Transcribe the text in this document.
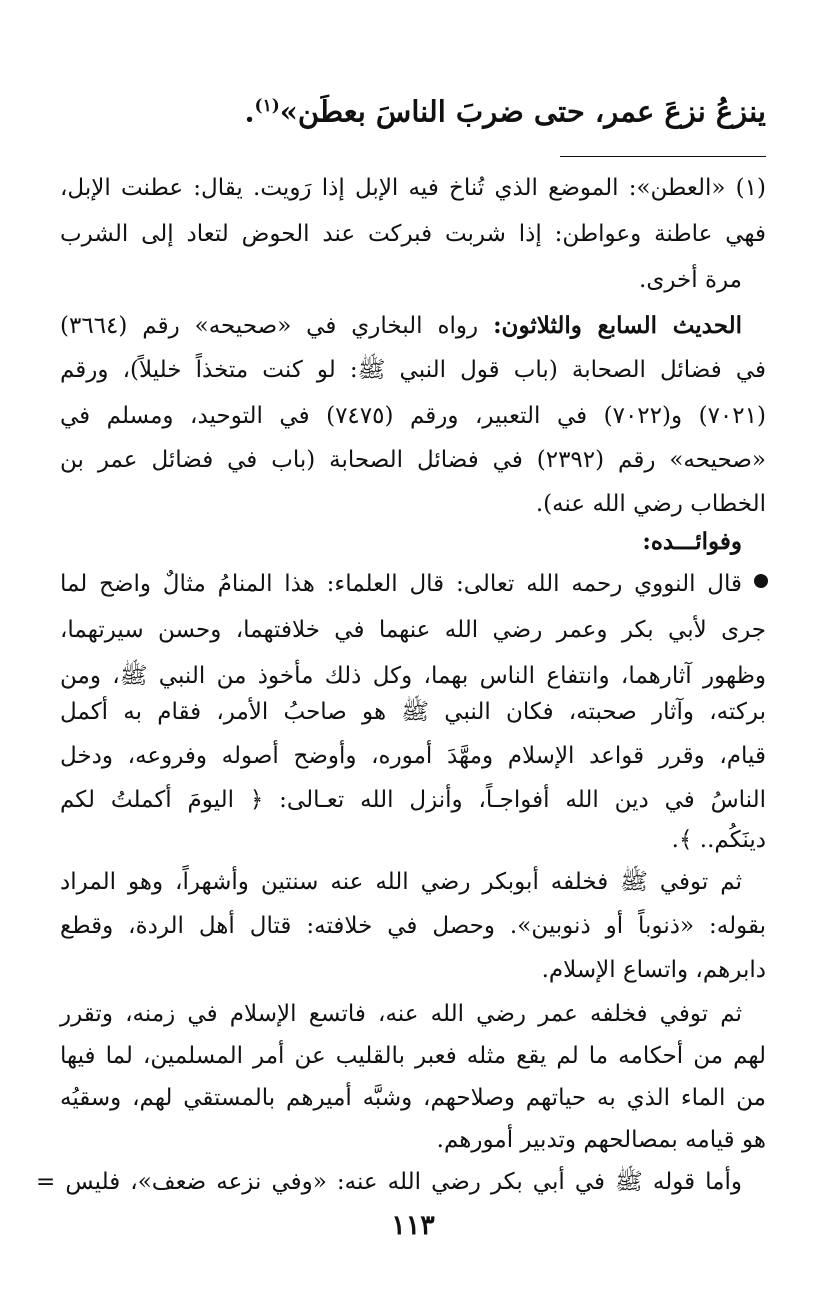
ينزعُ نزعَ عمر، حتى ضربَ الناسَ بعطَن»$^{(١)}$.
(١) «العطن»: الموضع الذي تُناخ فيه الإبل إذا رَويت. يقال: عطنت الإبل،
فهي عاطنة وعواطن: إذا شربت فبركت عند الحوض لتعاد إلى الشرب
مرة أخرى.
الحديث السابع والثلاثون: رواه البخاري في «صحيحه» رقم (٣٦٦٤)
في فضائل الصحابة (باب قول النبي ﷺ: لو كنت متخذاً خليلاً)، ورقم
(٧٠٢١) و(٧٠٢٢) في التعبير، ورقم (٧٤٧٥) في التوحيد، ومسلم في
«صحيحه» رقم (٢٣٩٢) في فضائل الصحابة (باب في فضائل عمر بن
الخطاب رضي الله عنه).
وفوائـــده:
قال النووي رحمه الله تعالى: قال العلماء: هذا المنامُ مثالٌ واضح لما
جرى لأبي بكر وعمر رضي الله عنهما في خلافتهما، وحسن سيرتهما،
وظهور آثارهما، وانتفاع الناس بهما، وكل ذلك مأخوذ من النبي ﷺ، ومن
بركته، وآثار صحبته، فكان النبي ﷺ هو صاحبُ الأمر، فقام به أكمل
قيام، وقرر قواعد الإسلام ومهَّدَ أموره، وأوضح أصوله وفروعه، ودخل
الناسُ في دين الله أفواجـاً، وأنزل الله تعـالى: ﴿ اليومَ أكملتُ لكم
دينَكُم.. ﴾.
ثم توفي ﷺ فخلفه أبوبكر رضي الله عنه سنتين وأشهراً، وهو المراد
بقوله: «ذنوباً أو ذنوبين». وحصل في خلافته: قتال أهل الردة، وقطع
دابرهم، واتساع الإسلام.
ثم توفي فخلفه عمر رضي الله عنه، فاتسع الإسلام في زمنه، وتقرر
لهم من أحكامه ما لم يقع مثله فعبر بالقليب عن أمر المسلمين، لما فيها
من الماء الذي به حياتهم وصلاحهم، وشبَّه أميرهم بالمستقي لهم، وسقيُه
هو قيامه بمصالحهم وتدبير أمورهم.
وأما قوله ﷺ في أبي بكر رضي الله عنه: «وفي نزعه ضعف»، فليس =
١١٣
